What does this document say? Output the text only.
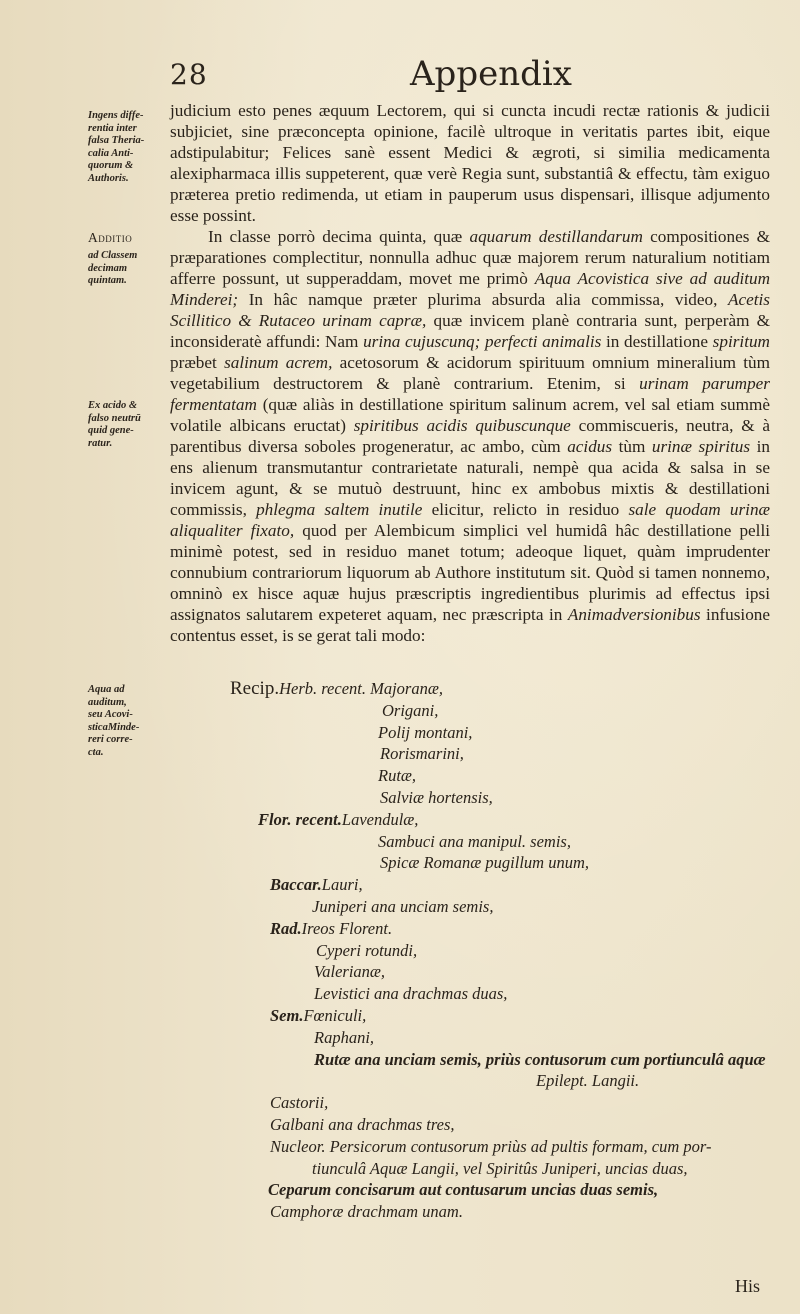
28	Appendix
Ingens diffe-
rentia inter
falsa Theria-
calia Anti-
quorum &
Authoris.
Additio
ad Classem
decimam
quintam.
Ex acido &
falso neutrū
quid gene-
ratur.
Aqua ad
auditum,
seu Acovi-
sticaMinde-
reri corre-
cta.

judicium esto penes æquum Lectorem, qui si cuncta incudi rectæ rationis & judicii subjiciet, sine præconcepta opinione, facilè ultroque in veritatis partes ibit, eique adstipulabitur; Felices sanè essent Medici & ægroti, si similia medicamenta alexipharmaca illis suppeterent, quæ verè Regia sunt, substantiâ & effectu, tàm exiguo præterea pretio redimenda, ut etiam in pauperum usus dispensari, illisque adjumento esse possint.

In classe porrò decima quinta, quæ aquarum destillandarum compositiones & præparationes complectitur, nonnulla adhuc quæ majorem rerum naturalium notitiam afferre possunt, ut supperaddam, movet me primò Aqua Acovistica sive ad auditum Minderei; In hâc namque præter plurima absurda alia commissa, video, Acetis Scillitico & Rutaceo urinam capræ, quæ invicem planè contraria sunt, perperàm & inconsideratè affundi: Nam urina cujuscunq; perfecti animalis in destillatione spiritum præbet salinum acrem, acetosorum & acidorum spirituum omnium mineralium tùm vegetabilium destructorem & planè contrarium. Etenim, si urinam parumper fermentatam (quæ aliàs in destillatione spiritum salinum acrem, vel sal etiam summè volatile albicans eructat) spiritibus acidis quibuscunque commiscueris, neutra, & à parentibus diversa soboles progeneratur, ac ambo, cùm acidus tùm urinæ spiritus in ens alienum transmutantur contrarietate naturali, nempè qua acida & salsa in se invicem agunt, & se mutuò destruunt, hinc ex ambobus mixtis & destillationi commissis, phlegma saltem inutile elicitur, relicto in residuo sale quodam urinæ aliqualiter fixato, quod per Alembicum simplici vel humidâ hâc destillatione pelli minimè potest, sed in residuo manet totum; adeoque liquet, quàm imprudenter connubium contrariorum liquorum ab Authore institutum sit. Quòd si tamen nonnemo, omninò ex hisce aquæ hujus præscriptis ingredientibus plurimis ad effectus ipsi assignatos salutarem expeteret aquam, nec præscripta in Animadversionibus infusione contentus esset, is se gerat tali modo:

Recip.Herb. recent. Majoranæ,
Origani,
Polij montani,
Rorismarini,
Rutæ,
Salviæ hortensis,
Flor. recent.Lavendulæ,
Sambuci ana manipul. semis,
Spicæ Romanæ pugillum unum,
Baccar.Lauri,
Juniperi ana unciam semis,
Rad.Ireos Florent.
Cyperi rotundi,
Valerianæ,
Levistici ana drachmas duas,
Sem.Fœniculi,
Raphani,
Rutæ ana unciam semis, priùs contusorum cum portiunculâ aquæ
Epilept. Langii.
Castorii,
Galbani ana drachmas tres,
Nucleor. Persicorum contusorum priùs ad pultis formam, cum por-
tiunculâ Aquæ Langii, vel Spiritûs Juniperi, uncias duas,
Ceparum concisarum aut contusarum uncias duas semis,
Camphoræ drachmam unam.
His
